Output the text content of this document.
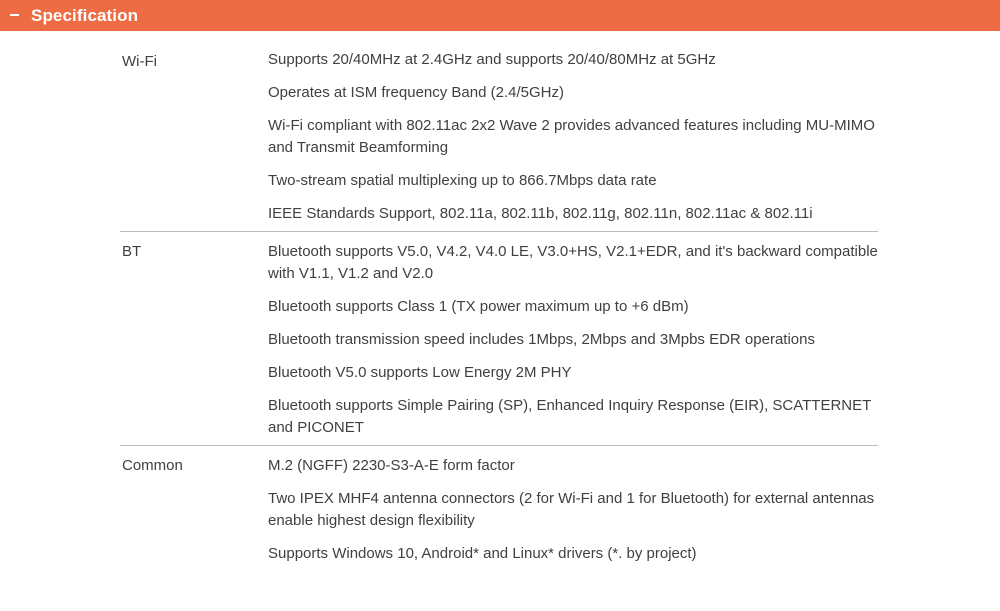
Specification
Wi-Fi	Supports 20/40MHz at 2.4GHz and supports 20/40/80MHz at 5GHz
Operates at ISM frequency Band (2.4/5GHz)
Wi-Fi compliant with 802.11ac 2x2 Wave 2 provides advanced features including MU-MIMO and Transmit Beamforming
Two-stream spatial multiplexing up to 866.7Mbps data rate
IEEE Standards Support, 802.11a, 802.11b, 802.11g, 802.11n, 802.11ac & 802.11i
BT	Bluetooth supports V5.0, V4.2, V4.0 LE, V3.0+HS, V2.1+EDR, and it's backward compatible with V1.1, V1.2 and V2.0
Bluetooth supports Class 1 (TX power maximum up to +6 dBm)
Bluetooth transmission speed includes 1Mbps, 2Mbps and 3Mpbs EDR operations
Bluetooth V5.0 supports Low Energy 2M PHY
Bluetooth supports Simple Pairing (SP), Enhanced Inquiry Response (EIR), SCATTERNET and PICONET
Common	M.2 (NGFF) 2230-S3-A-E form factor
Two IPEX MHF4 antenna connectors (2 for Wi-Fi and 1 for Bluetooth) for external antennas enable highest design flexibility
Supports Windows 10, Android* and Linux* drivers (*. by project)
